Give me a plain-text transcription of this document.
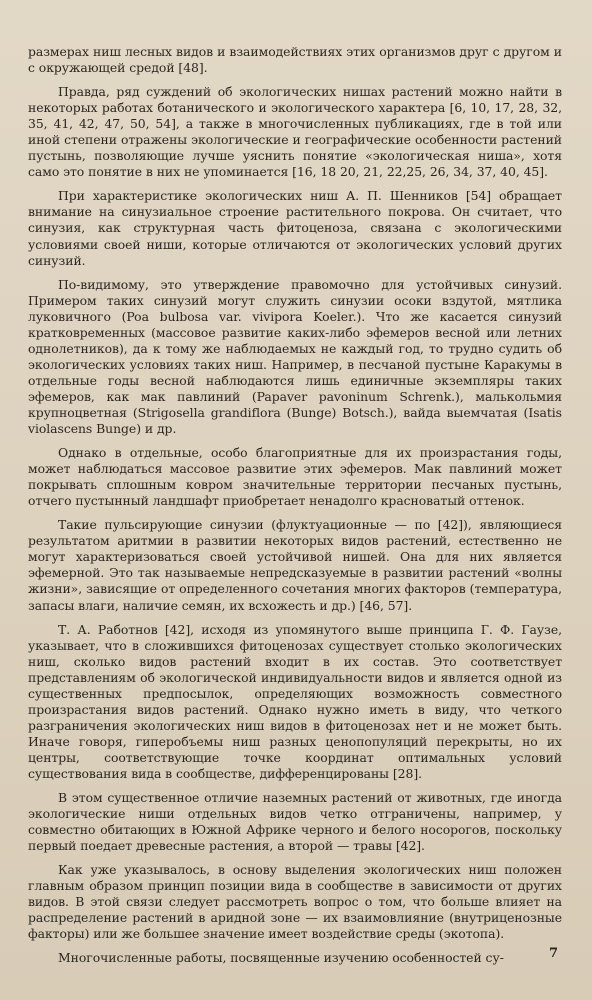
размерах ниш лесных видов и взаимодействиях этих организмов друг с другом и с окружающей средой [48].

Правда, ряд суждений об экологических нишах растений можно найти в некоторых работах ботанического и экологического характера [6, 10, 17, 28, 32, 35, 41, 42, 47, 50, 54], а также в многочисленных публикациях, где в той или иной степени отражены экологические и географические особенности растений пустынь, позволяющие лучше уяснить понятие «экологическая ниша», хотя само это понятие в них не упоминается [16, 18 20, 21, 22,25, 26, 34, 37, 40, 45].

При характеристике экологических ниш А. П. Шенников [54] обращает внимание на синузиальное строение растительного покрова. Он считает, что синузия, как структурная часть фитоценоза, связана с экологическими условиями своей ниши, которые отличаются от экологических условий других синузий.

По-видимому, это утверждение правомочно для устойчивых синузий. Примером таких синузий могут служить синузии осоки вздутой, мятлика луковичного (Poa bulbosa var. vivipora Koeler.). Что же касается синузий кратковременных (массовое развитие каких-либо эфемеров весной или летних однолетников), да к тому же наблюдаемых не каждый год, то трудно судить об экологических условиях таких ниш. Например, в песчаной пустыне Каракумы в отдельные годы весной наблюдаются лишь единичные экземпляры таких эфемеров, как мак павлиний (Papaver pavoninum Schrenk.), малькольмия крупноцветная (Strigosella grandiflora (Bunge) Botsch.), вайда выемчатая (Isatis violascens Bunge) и др.

Однако в отдельные, особо благоприятные для их произрастания годы, может наблюдаться массовое развитие этих эфемеров. Мак павлиний может покрывать сплошным ковром значительные территории песчаных пустынь, отчего пустынный ландшафт приобретает ненадолго красноватый оттенок.

Такие пульсирующие синузии (флуктуационные — по [42]), являющиеся результатом аритмии в развитии некоторых видов растений, естественно не могут характеризоваться своей устойчивой нишей. Она для них является эфемерной. Это так называемые непредсказуемые в развитии растений «волны жизни», зависящие от определенного сочетания многих факторов (температура, запасы влаги, наличие семян, их всхожесть и др.) [46, 57].

Т. А. Работнов [42], исходя из упомянутого выше принципа Г. Ф. Гаузе, указывает, что в сложившихся фитоценозах существует столько экологических ниш, сколько видов растений входит в их состав. Это соответствует представлениям об экологической индивидуальности видов и является одной из существенных предпосылок, определяющих возможность совместного произрастания видов растений. Однако нужно иметь в виду, что четкого разграничения экологических ниш видов в фитоценозах нет и не может быть. Иначе говоря, гиперобъемы ниш разных ценопопуляций перекрыты, но их центры, соответствующие точке координат оптимальных условий существования вида в сообществе, дифференцированы [28].

В этом существенное отличие наземных растений от животных, где иногда экологические ниши отдельных видов четко отграничены, например, у совместно обитающих в Южной Африке черного и белого носорогов, поскольку первый поедает древесные растения, а второй — травы [42].

Как уже указывалось, в основу выделения экологических ниш положен главным образом принцип позиции вида в сообществе в зависимости от других видов. В этой связи следует рассмотреть вопрос о том, что больше влияет на распределение растений в аридной зоне — их взаимовлияние (внутриценозные факторы) или же большее значение имеет воздействие среды (экотопа).

Многочисленные работы, посвященные изучению особенностей су-	7
